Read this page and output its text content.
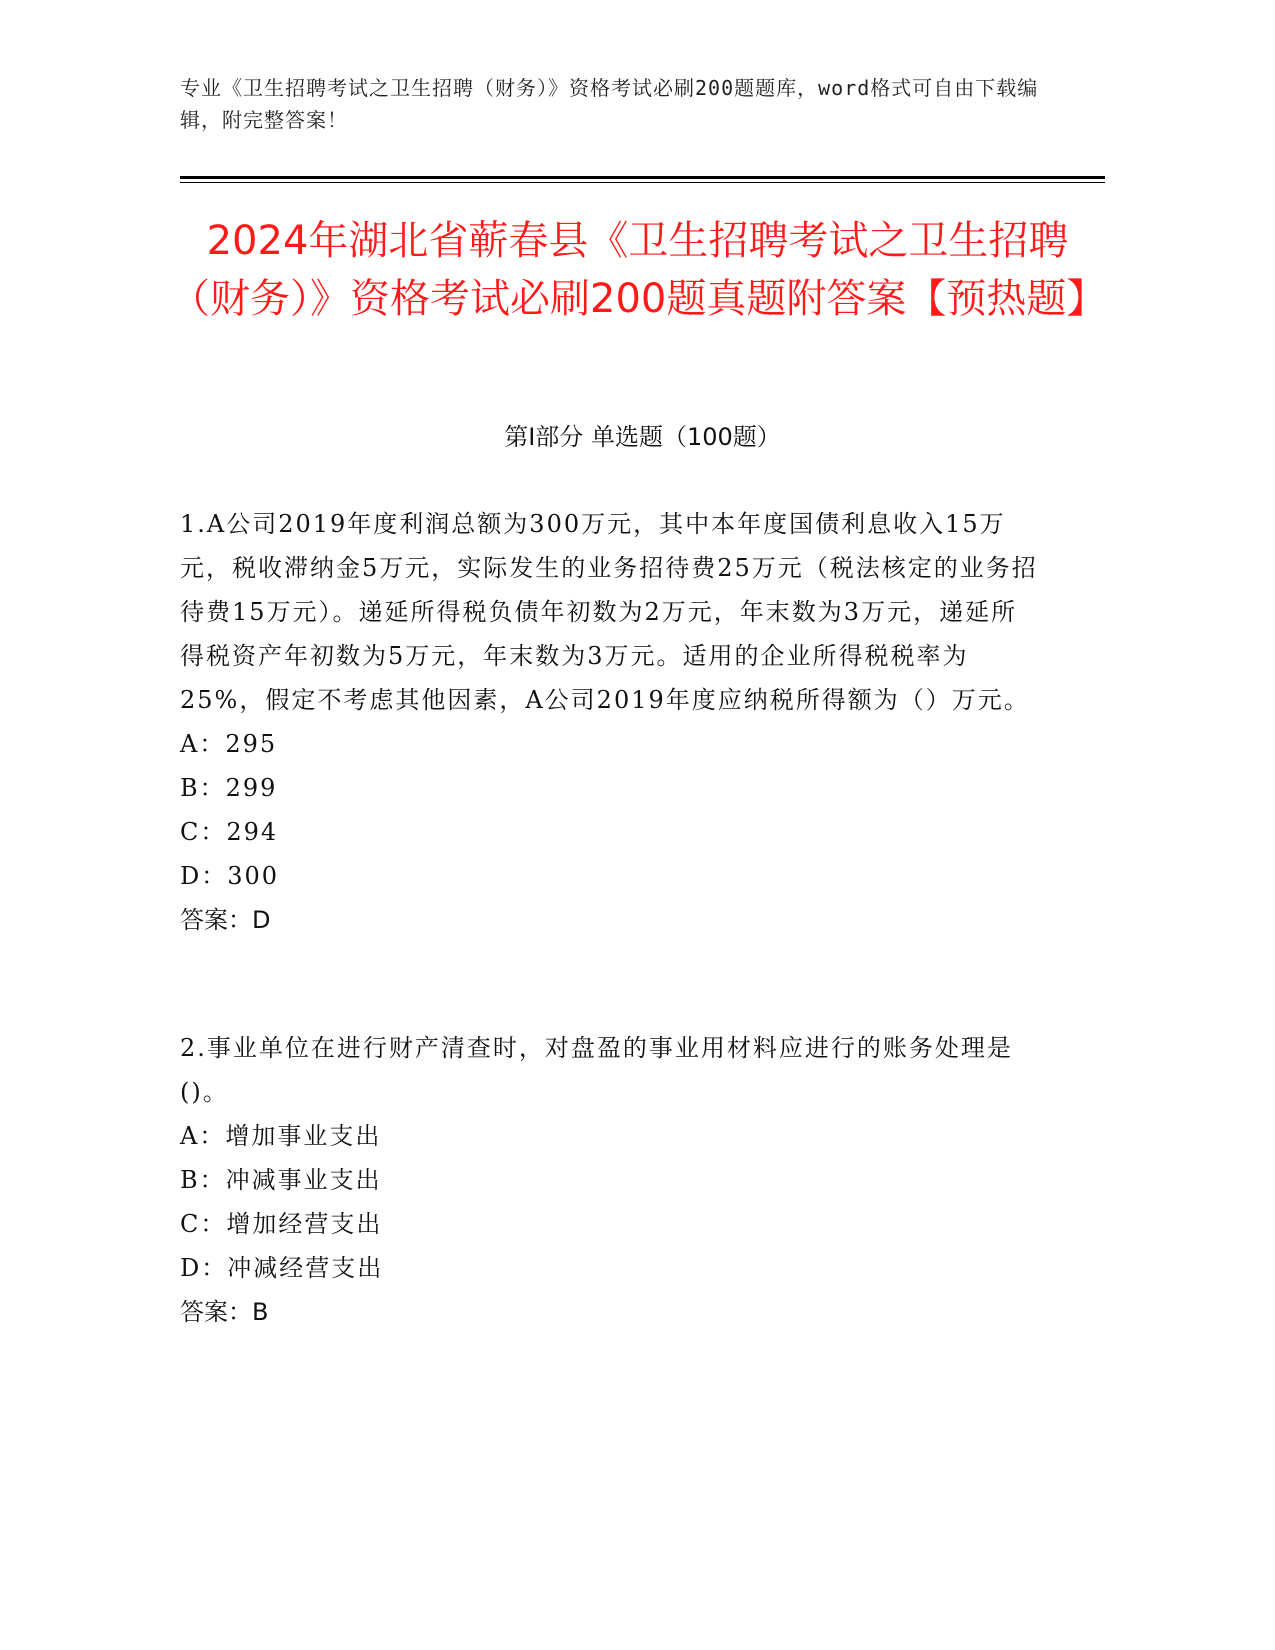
专业《卫生招聘考试之卫生招聘（财务）》资格考试必刷200题题库，word格式可自由下载编辑，附完整答案！
2024年湖北省蕲春县《卫生招聘考试之卫生招聘（财务）》资格考试必刷200题真题附答案【预热题】
第Ⅰ部分 单选题（100题）

1.A公司2019年度利润总额为300万元，其中本年度国债利息收入15万元，税收滞纳金5万元，实际发生的业务招待费25万元（税法核定的业务招待费15万元）。递延所得税负债年初数为2万元，年末数为3万元，递延所得税资产年初数为5万元，年末数为3万元。适用的企业所得税税率为25%，假定不考虑其他因素，A公司2019年度应纳税所得额为（）万元。

A：295
B：299
C：294
D：300
答案：D

2.事业单位在进行财产清查时，对盘盈的事业用材料应进行的账务处理是()。

A：增加事业支出
B：冲减事业支出
C：增加经营支出
D：冲减经营支出
答案：B
